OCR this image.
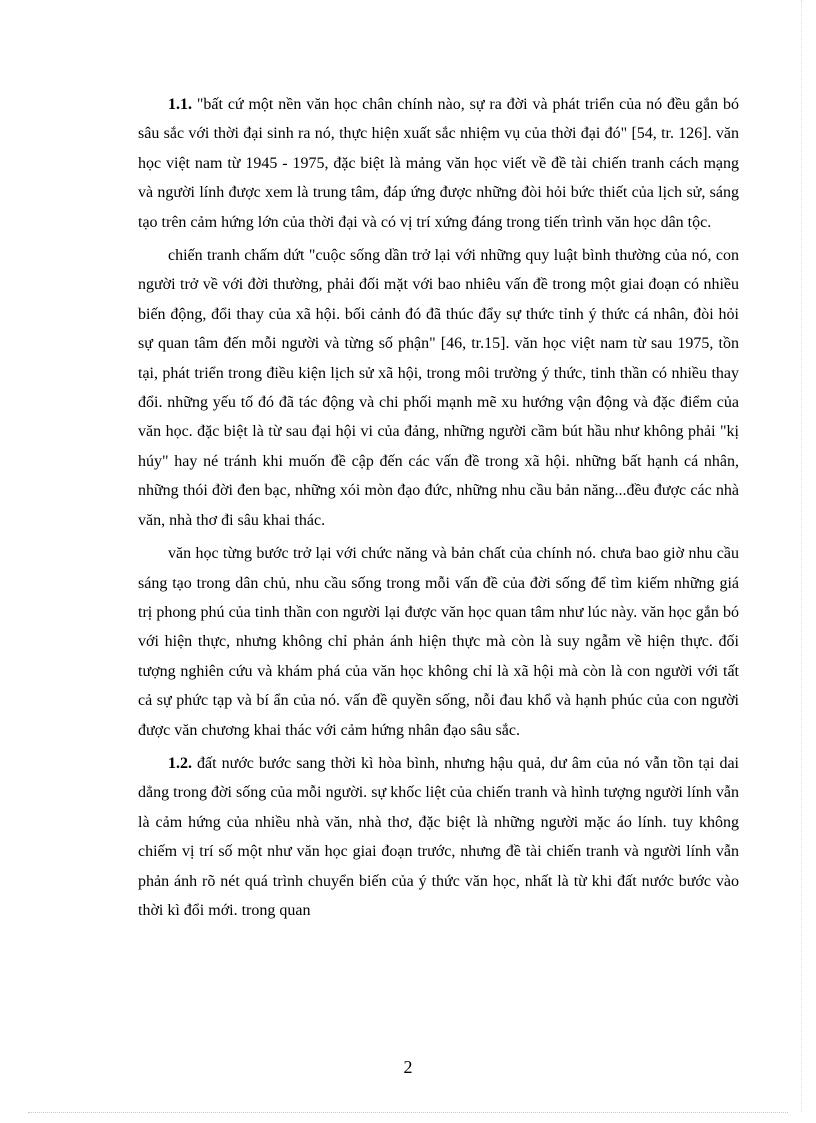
1.1. "bất cứ một nền văn học chân chính nào, sự ra đời và phát triển của nó đều gắn bó sâu sắc với thời đại sinh ra nó, thực hiện xuất sắc nhiệm vụ của thời đại đó" [54, tr. 126]. văn học việt nam từ 1945 - 1975, đặc biệt là mảng văn học viết về đề tài chiến tranh cách mạng và người lính được xem là trung tâm, đáp ứng được những đòi hỏi bức thiết của lịch sử, sáng tạo trên cảm hứng lớn của thời đại và có vị trí xứng đáng trong tiến trình văn học dân tộc.

chiến tranh chấm dứt "cuộc sống dần trở lại với những quy luật bình thường của nó, con người trở về với đời thường, phải đối mặt với bao nhiêu vấn đề trong một giai đoạn có nhiều biến động, đổi thay của xã hội. bối cảnh đó đã thúc đẩy sự thức tỉnh ý thức cá nhân, đòi hỏi sự quan tâm đến mỗi người và từng số phận" [46, tr.15]. văn học việt nam từ sau 1975, tồn tại, phát triển trong điều kiện lịch sử xã hội, trong môi trường ý thức, tinh thần có nhiều thay đổi. những yếu tố đó đã tác động và chi phối mạnh mẽ xu hướng vận động và đặc điểm của văn học. đặc biệt là từ sau đại hội vi của đảng, những người cầm bút hầu như không phải "kị húy" hay né tránh khi muốn đề cập đến các vấn đề trong xã hội. những bất hạnh cá nhân, những thói đời đen bạc, những xói mòn đạo đức, những nhu cầu bản năng...đều được các nhà văn, nhà thơ đi sâu khai thác.

văn học từng bước trở lại với chức năng và bản chất của chính nó. chưa bao giờ nhu cầu sáng tạo trong dân chủ, nhu cầu sống trong mỗi vấn đề của đời sống để tìm kiếm những giá trị phong phú của tinh thần con người lại được văn học quan tâm như lúc này. văn học gắn bó với hiện thực, nhưng không chỉ phản ánh hiện thực mà còn là suy ngẫm về hiện thực. đối tượng nghiên cứu và khám phá của văn học không chỉ là xã hội mà còn là con người với tất cả sự phức tạp và bí ẩn của nó. vấn đề quyền sống, nỗi đau khổ và hạnh phúc của con người được văn chương khai thác với cảm hứng nhân đạo sâu sắc.

1.2. đất nước bước sang thời kì hòa bình, nhưng hậu quả, dư âm của nó vẫn tồn tại dai dẳng trong đời sống của mỗi người. sự khốc liệt của chiến tranh và hình tượng người lính vẫn là cảm hứng của nhiều nhà văn, nhà thơ, đặc biệt là những người mặc áo lính. tuy không chiếm vị trí số một như văn học giai đoạn trước, nhưng đề tài chiến tranh và người lính vẫn phản ánh rõ nét quá trình chuyển biến của ý thức văn học, nhất là từ khi đất nước bước vào thời kì đổi mới. trong quan

2
